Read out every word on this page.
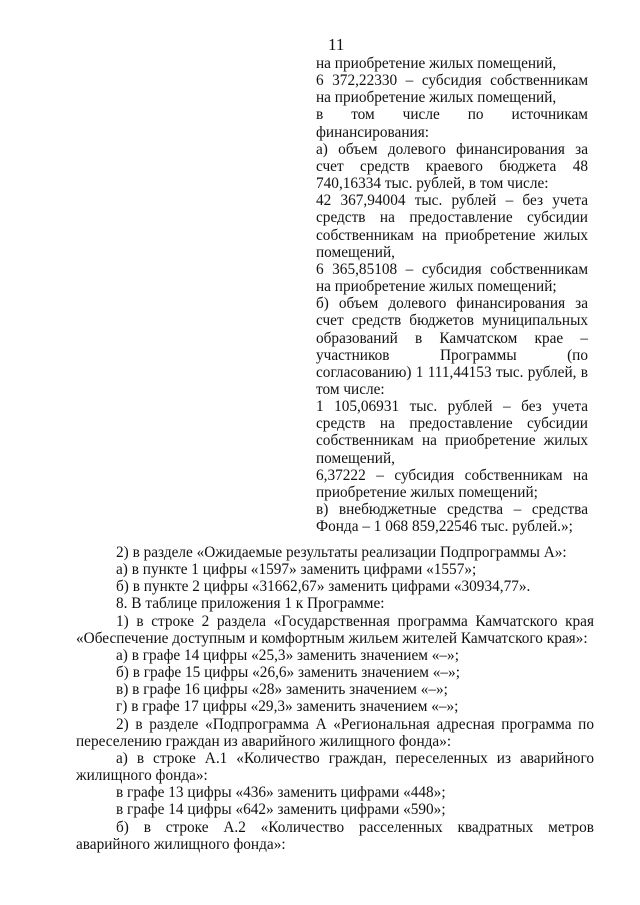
11

на приобретение жилых помещений,

6 372,22330 – субсидия собственникам на приобретение жилых помещений,

в том числе по источникам финансирования:

а) объем долевого финансирования за счет средств краевого бюджета 48 740,16334 тыс. рублей, в том числе:

42 367,94004 тыс. рублей – без учета средств на предоставление субсидии собственникам на приобретение жилых помещений,

6 365,85108 – субсидия собственникам на приобретение жилых помещений;

б) объем долевого финансирования за счет средств бюджетов муниципальных образований в Камчатском крае – участников Программы (по согласованию) 1 111,44153 тыс. рублей, в том числе:

1 105,06931 тыс. рублей – без учета средств на предоставление субсидии собственникам на приобретение жилых помещений,

6,37222 – субсидия собственникам на приобретение жилых помещений;

в) внебюджетные средства – средства Фонда – 1 068 859,22546 тыс. рублей.»;

2) в разделе «Ожидаемые результаты реализации Подпрограммы А»:

а) в пункте 1 цифры «1597» заменить цифрами «1557»;

б) в пункте 2 цифры «31662,67» заменить цифрами «30934,77».

8. В таблице приложения 1 к Программе:

1) в строке 2 раздела «Государственная программа Камчатского края «Обеспечение доступным и комфортным жильем жителей Камчатского края»:

а) в графе 14 цифры «25,3» заменить значением «–»;

б) в графе 15 цифры «26,6» заменить значением «–»;

в) в графе 16 цифры «28» заменить значением «–»;

г) в графе 17 цифры «29,3» заменить значением «–»;

2) в разделе «Подпрограмма А «Региональная адресная программа по переселению граждан из аварийного жилищного фонда»:

а) в строке А.1 «Количество граждан, переселенных из аварийного жилищного фонда»:

в графе 13 цифры «436» заменить цифрами «448»;

в графе 14 цифры «642» заменить цифрами «590»;

б) в строке А.2 «Количество расселенных квадратных метров аварийного жилищного фонда»:
